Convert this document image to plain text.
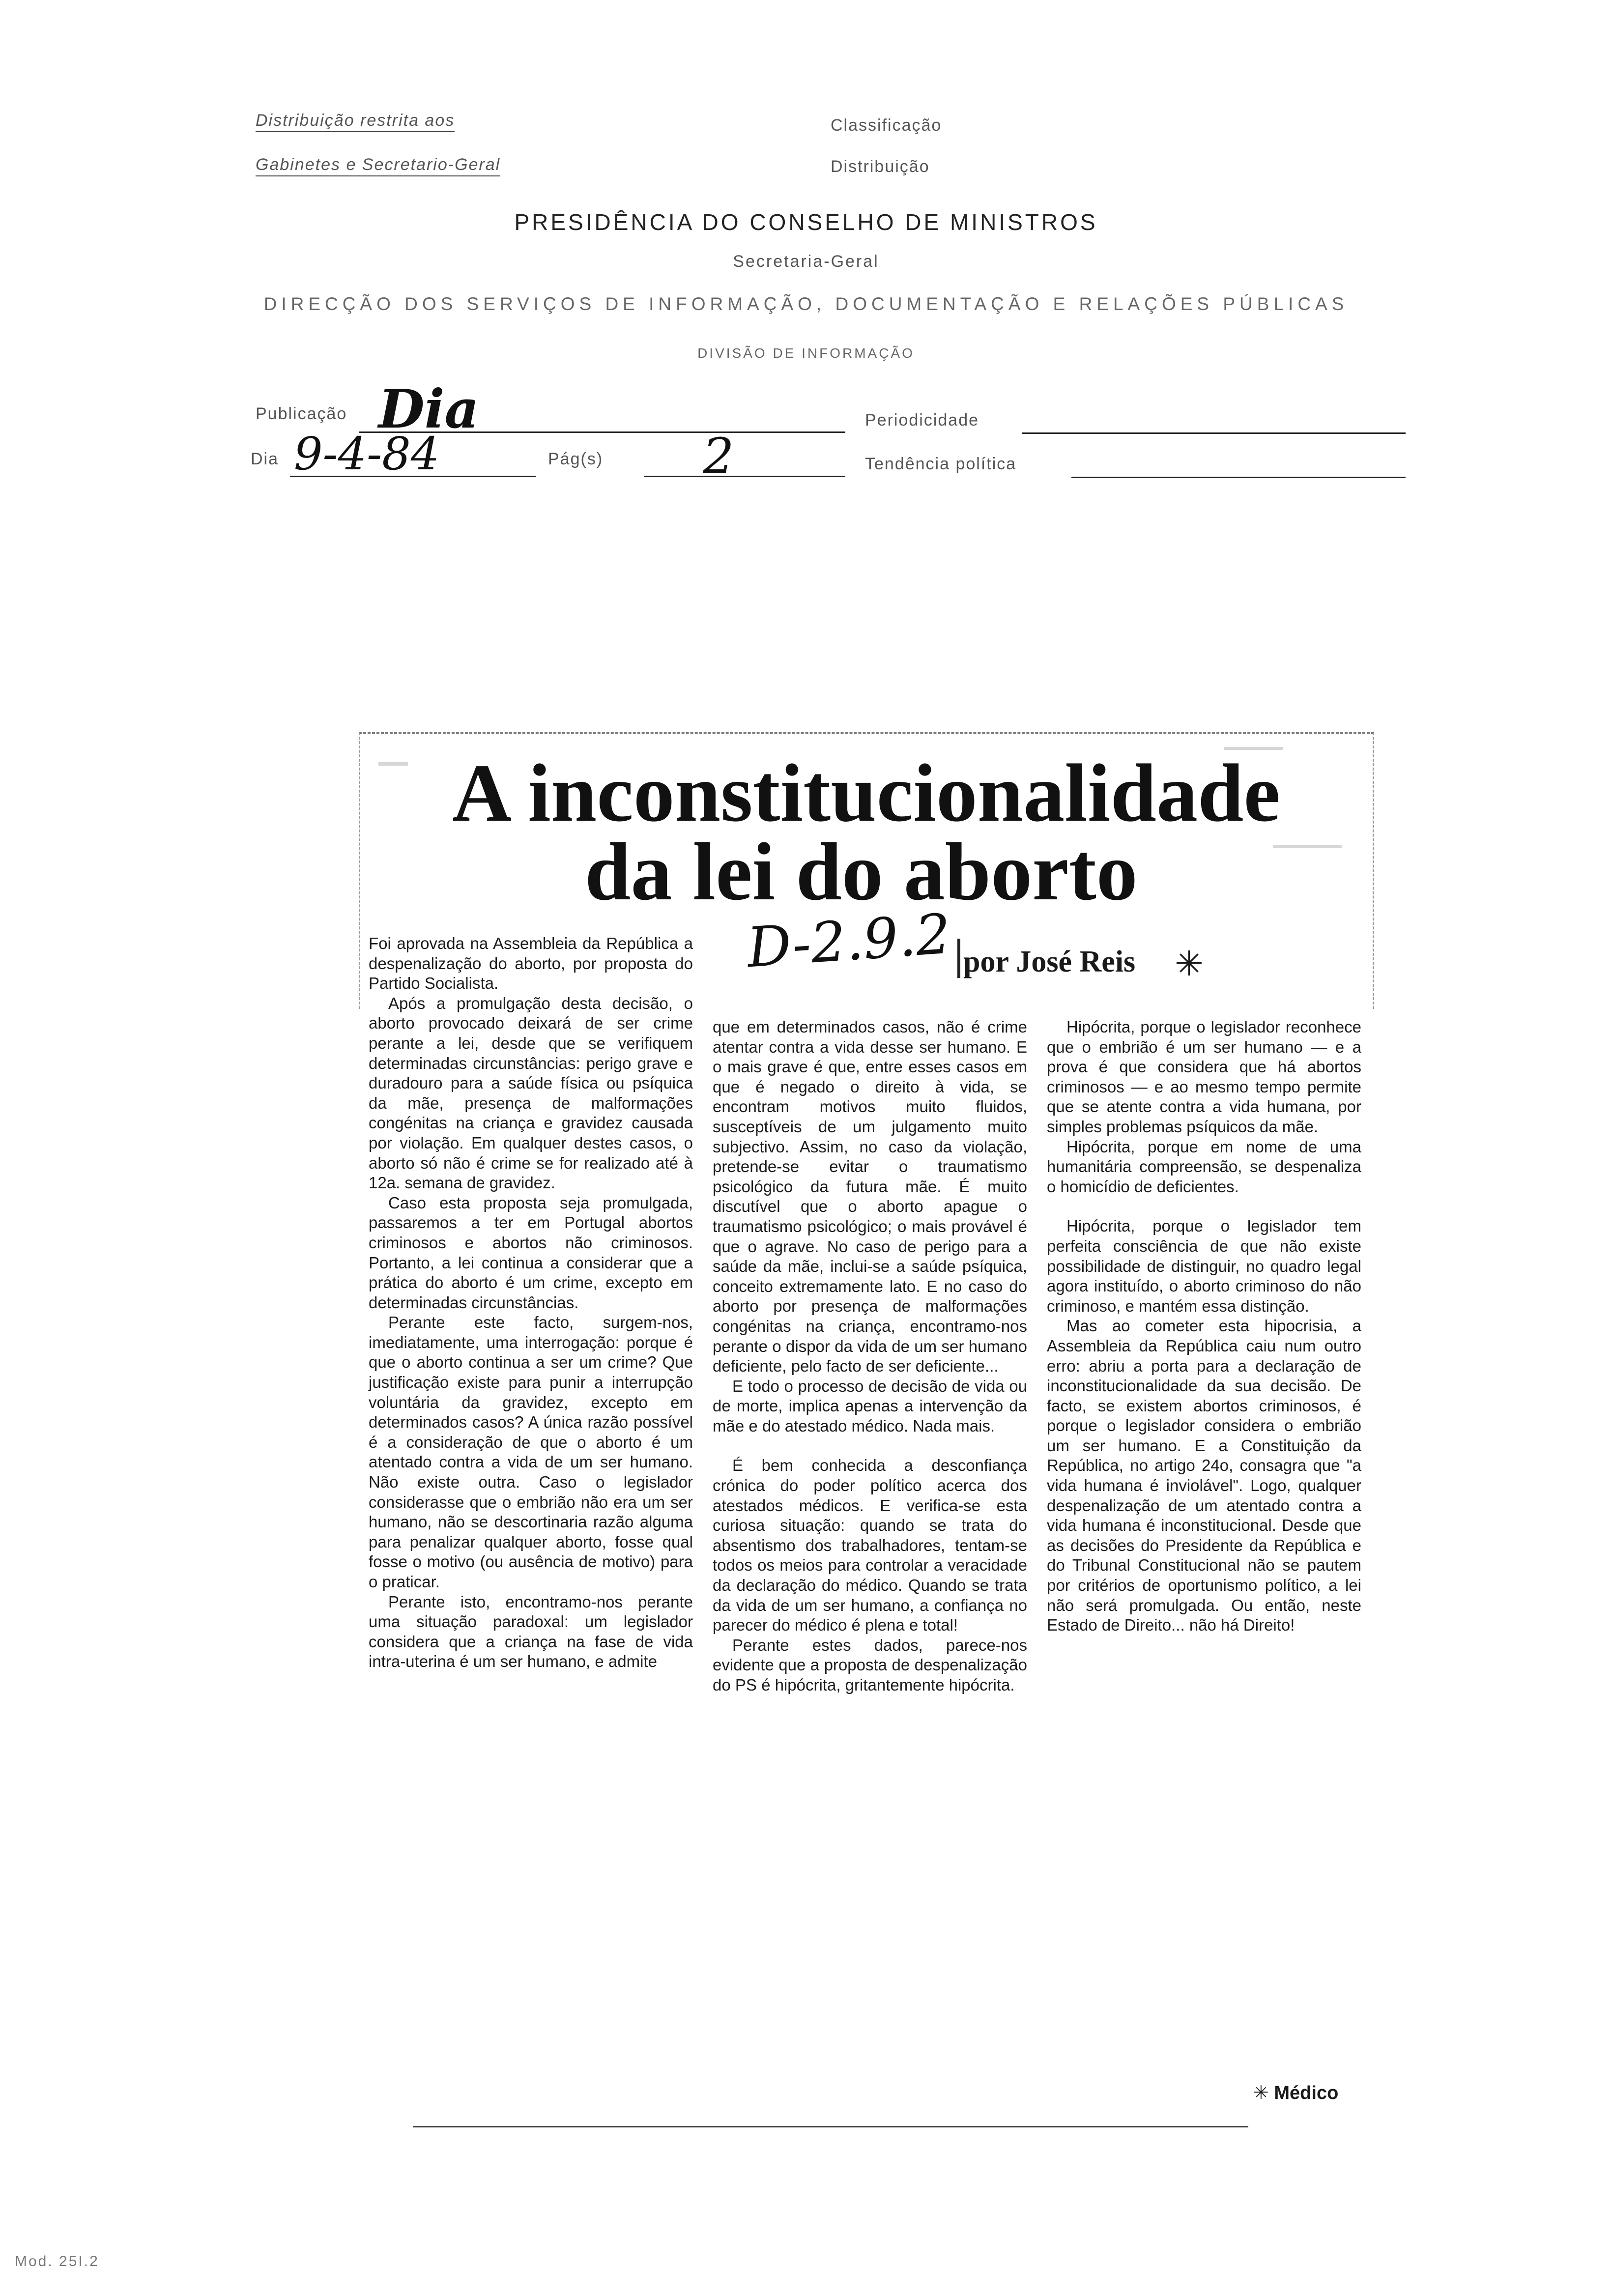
Distribuição restrita aos
Gabinetes e Secretario-Geral
Classificação
Distribuição
PRESIDÊNCIA DO CONSELHO DE MINISTROS
Secretaria-Geral
DIRECÇÃO DOS SERVIÇOS DE INFORMAÇÃO, DOCUMENTAÇÃO E RELAÇÕES PÚBLICAS
DIVISÃO DE INFORMAÇÃO
Publicação Dia	Periodicidade
Dia 9-4-84	Pág(s) 2	Tendência política
A inconstitucionalidade
da lei do aborto
D-2.9.2 por José Reis ✳

Foi aprovada na Assembleia da República a despenalização do aborto, por proposta do Partido Socialista.

Após a promulgação desta decisão, o aborto provocado deixará de ser crime perante a lei, desde que se verifiquem determinadas circunstâncias: perigo grave e duradouro para a saúde física ou psíquica da mãe, presença de malformações congénitas na criança e gravidez causada por violação. Em qualquer destes casos, o aborto só não é crime se for realizado até à 12a. semana de gravidez.

Caso esta proposta seja promulgada, passaremos a ter em Portugal abortos criminosos e abortos não criminosos. Portanto, a lei continua a considerar que a prática do aborto é um crime, excepto em determinadas circunstâncias.

Perante este facto, surgem-nos, imediatamente, uma interrogação: porque é que o aborto continua a ser um crime? Que justificação existe para punir a interrupção voluntária da gravidez, excepto em determinados casos? A única razão possível é a consideração de que o aborto é um atentado contra a vida de um ser humano. Não existe outra. Caso o legislador considerasse que o embrião não era um ser humano, não se descortinaria razão alguma para penalizar qualquer aborto, fosse qual fosse o motivo (ou ausência de motivo) para o praticar.

Perante isto, encontramo-nos perante uma situação paradoxal: um legislador considera que a criança na fase de vida intra-uterina é um ser humano, e admite

que em determinados casos, não é crime atentar contra a vida desse ser humano. E o mais grave é que, entre esses casos em que é negado o direito à vida, se encontram motivos muito fluidos, susceptíveis de um julgamento muito subjectivo. Assim, no caso da violação, pretende-se evitar o traumatismo psicológico da futura mãe. É muito discutível que o aborto apague o traumatismo psicológico; o mais provável é que o agrave. No caso de perigo para a saúde da mãe, inclui-se a saúde psíquica, conceito extremamente lato. E no caso do aborto por presença de malformações congénitas na criança, encontramo-nos perante o dispor da vida de um ser humano deficiente, pelo facto de ser deficiente...

E todo o processo de decisão de vida ou de morte, implica apenas a intervenção da mãe e do atestado médico. Nada mais.

É bem conhecida a desconfiança crónica do poder político acerca dos atestados médicos. E verifica-se esta curiosa situação: quando se trata do absentismo dos trabalhadores, tentam-se todos os meios para controlar a veracidade da declaração do médico. Quando se trata da vida de um ser humano, a confiança no parecer do médico é plena e total!

Perante estes dados, parece-nos evidente que a proposta de despenalização do PS é hipócrita, gritantemente hipócrita.

Hipócrita, porque o legislador reconhece que o embrião é um ser humano — e a prova é que considera que há abortos criminosos — e ao mesmo tempo permite que se atente contra a vida humana, por simples problemas psíquicos da mãe.

Hipócrita, porque em nome de uma humanitária compreensão, se despenaliza o homicídio de deficientes.

Hipócrita, porque o legislador tem perfeita consciência de que não existe possibilidade de distinguir, no quadro legal agora instituído, o aborto criminoso do não criminoso, e mantém essa distinção.

Mas ao cometer esta hipocrisia, a Assembleia da República caiu num outro erro: abriu a porta para a declaração de inconstitucionalidade da sua decisão. De facto, se existem abortos criminosos, é porque o legislador considera o embrião um ser humano. E a Constituição da República, no artigo 24o, consagra que "a vida humana é inviolável". Logo, qualquer despenalização de um atentado contra a vida humana é inconstitucional. Desde que as decisões do Presidente da República e do Tribunal Constitucional não se pautem por critérios de oportunismo político, a lei não será promulgada. Ou então, neste Estado de Direito... não há Direito!

✳ Médico
Mod. 25I.2
